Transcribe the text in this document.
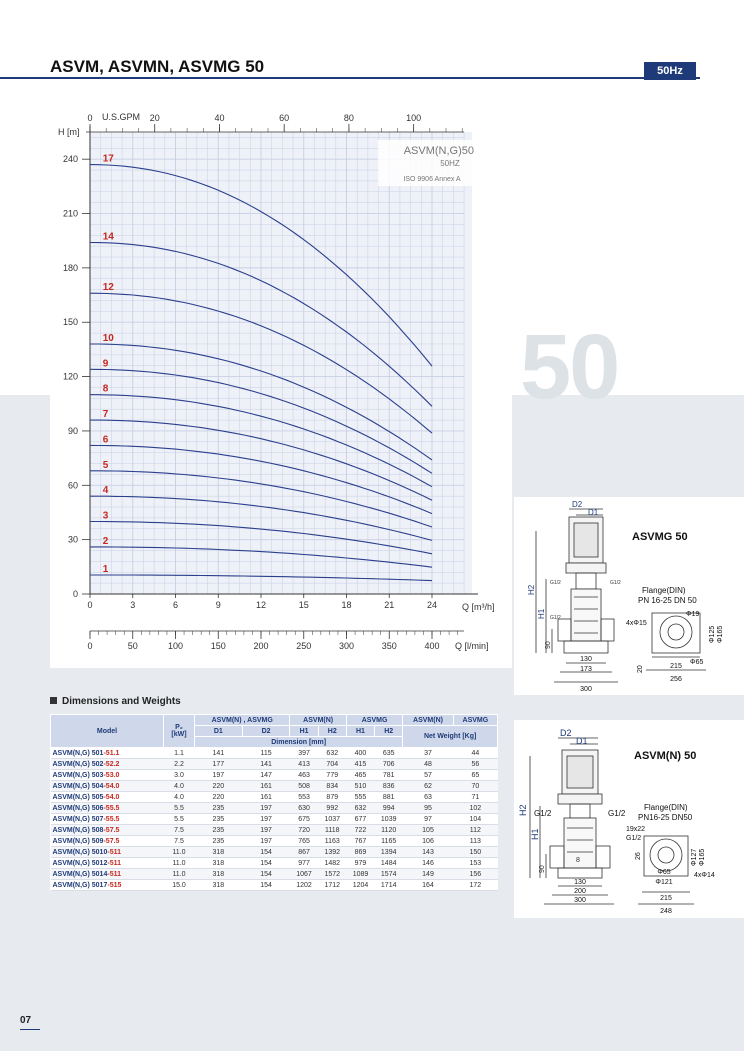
50
ASVM, ASVMN, ASVMG 50	50Hz
0
30
60
90
120
150
180
210
240
0	3	6	9	12	15	18	21	24
0	20	40	60	80	100
0	50	100	150	200	250	300	350	400
1
2
3
4
5
6
7
8
9
10
12
14
17
ASVM(N,G)50
50HZ
ISO 9906 Annex A
H [m]
U.S.GPM
Q [m³/h]
Q [l/min]
Dimensions and Weights
Model	P₂
[kW]	ASVM(N) , ASVMG		ASVM(N)		ASVMG		ASVM(N)	ASVMG
		D1	D2	H1	H2	H1	H2	Net Weight [Kg]	
		Dimension [mm]							
ASVM(N,G) 501-51.1	1.1	141	115	397	632	400	635	37	44
ASVM(N,G) 502-52.2	2.2	177	141	413	704	415	706	48	56
ASVM(N,G) 503-53.0	3.0	197	147	463	779	465	781	57	65
ASVM(N,G) 504-54.0	4.0	220	161	508	834	510	836	62	70
ASVM(N,G) 505-54.0	4.0	220	161	553	879	555	881	63	71
ASVM(N,G) 506-55.5	5.5	235	197	630	992	632	994	95	102
ASVM(N,G) 507-55.5	5.5	235	197	675	1037	677	1039	97	104
ASVM(N,G) 508-57.5	7.5	235	197	720	1118	722	1120	105	112
ASVM(N,G) 509-57.5	7.5	235	197	765	1163	767	1165	106	113
ASVM(N,G) 5010-511	11.0	318	154	867	1392	869	1394	143	150
ASVM(N,G) 5012-511	11.0	318	154	977	1482	979	1484	146	153
ASVM(N,G) 5014-511	11.0	318	154	1067	1572	1089	1574	149	156
ASVM(N,G) 5017-515	15.0	318	154	1202	1712	1204	1714	164	172
D2
D1
ASVMG 50
H2
H1
90
G1/2	G1/2
G1/2
Flange(DIN)
PN 16-25 DN 50
4xΦ15
Φ19
Φ125 Φ165
Φ65
20
130
173
300
215
256
D2
D1
ASVM(N) 50
H2
H1
90
8
G1/2	G1/2
Flange(DIN)
PN16-25 DN50
19x22
G1/2
26	Φ127 Φ165
4xΦ14
Φ65
Φ121
130
200
300	215
248
07
